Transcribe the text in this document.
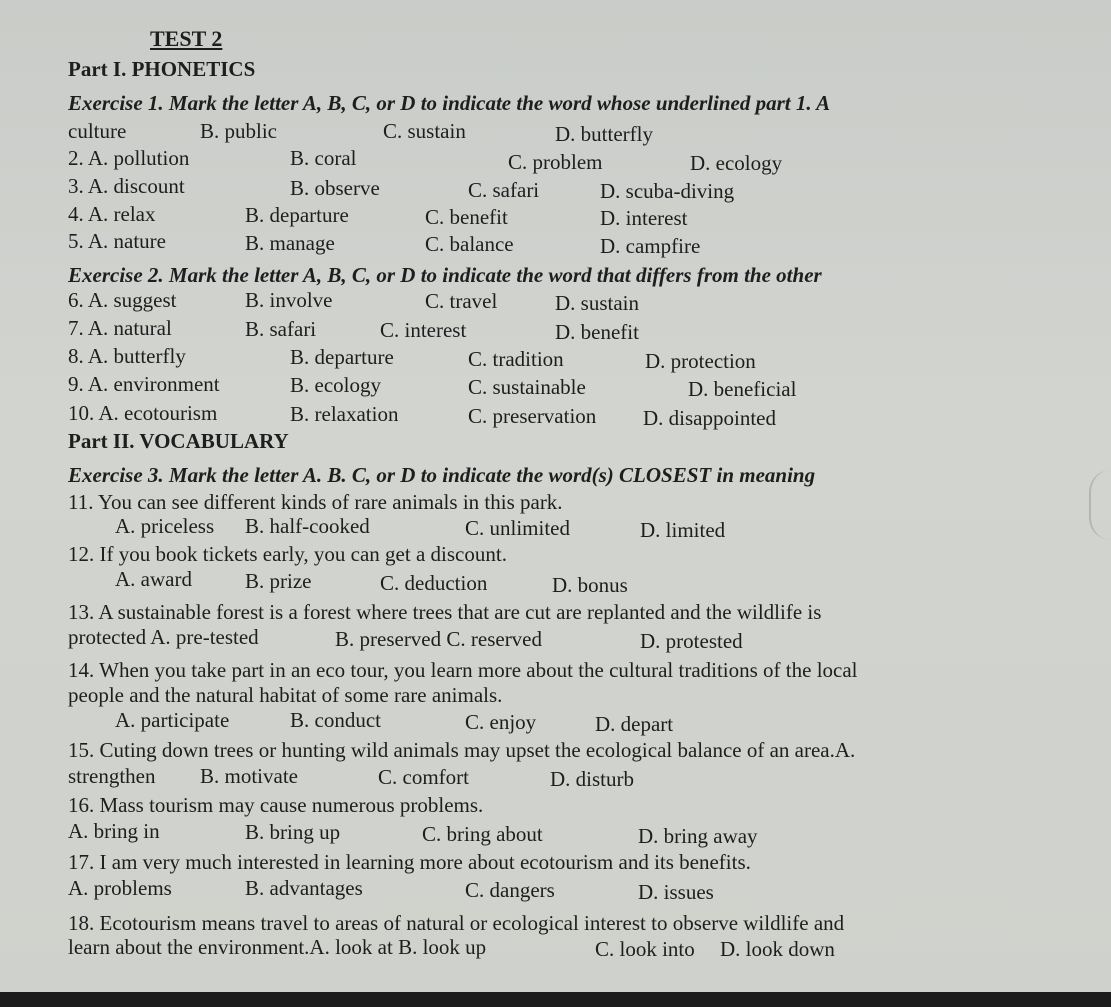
TEST 2
Part I. PHONETICS
Exercise 1. Mark the letter A, B, C, or D to indicate the word whose underlined part 1. A
culture	B. public	C. sustain	D. butterfly
2. A. pollution	B. coral	C. problem	D. ecology
3. A. discount	B. observe	C. safari	D. scuba-diving
4. A. relax	B. departure	C. benefit	D. interest
5. A. nature	B. manage	C. balance	D. campfire
Exercise 2. Mark the letter A, B, C, or D to indicate the word that differs from the other
6. A. suggest	B. involve	C. travel	D. sustain
7. A. natural	B. safari	C. interest	D. benefit
8. A. butterfly	B. departure	C. tradition	D. protection
9. A. environment	B. ecology	C. sustainable	D. beneficial
10. A. ecotourism	B. relaxation	C. preservation D. disappointed
Part II. VOCABULARY
Exercise 3. Mark the letter A. B. C, or D to indicate the word(s) CLOSEST in meaning
11. You can see different kinds of rare animals in this park.
A. priceless B. half-cooked	C. unlimited	D. limited
12. If you book tickets early, you can get a discount.
A. award	B. prize	C. deduction	D. bonus
13. A sustainable forest is a forest where trees that are cut are replanted and the wildlife is
protected A. pre-tested	B. preserved C. reserved	D. protested
14. When you take part in an eco tour, you learn more about the cultural traditions of the local
people and the natural habitat of some rare animals.
A. participate	B. conduct	C. enjoy	D. depart
15. Cuting down trees or hunting wild animals may upset the ecological balance of an area.A.
strengthen B. motivate	C. comfort	D. disturb
16. Mass tourism may cause numerous problems.
A. bring in	B. bring up	C. bring about	D. bring away
17. I am very much interested in learning more about ecotourism and its benefits.
A. problems	B. advantages	C. dangers	D. issues
18. Ecotourism means travel to areas of natural or ecological interest to observe wildlife and
learn about the environment.A. look at B. look up	C. look into D. look down
